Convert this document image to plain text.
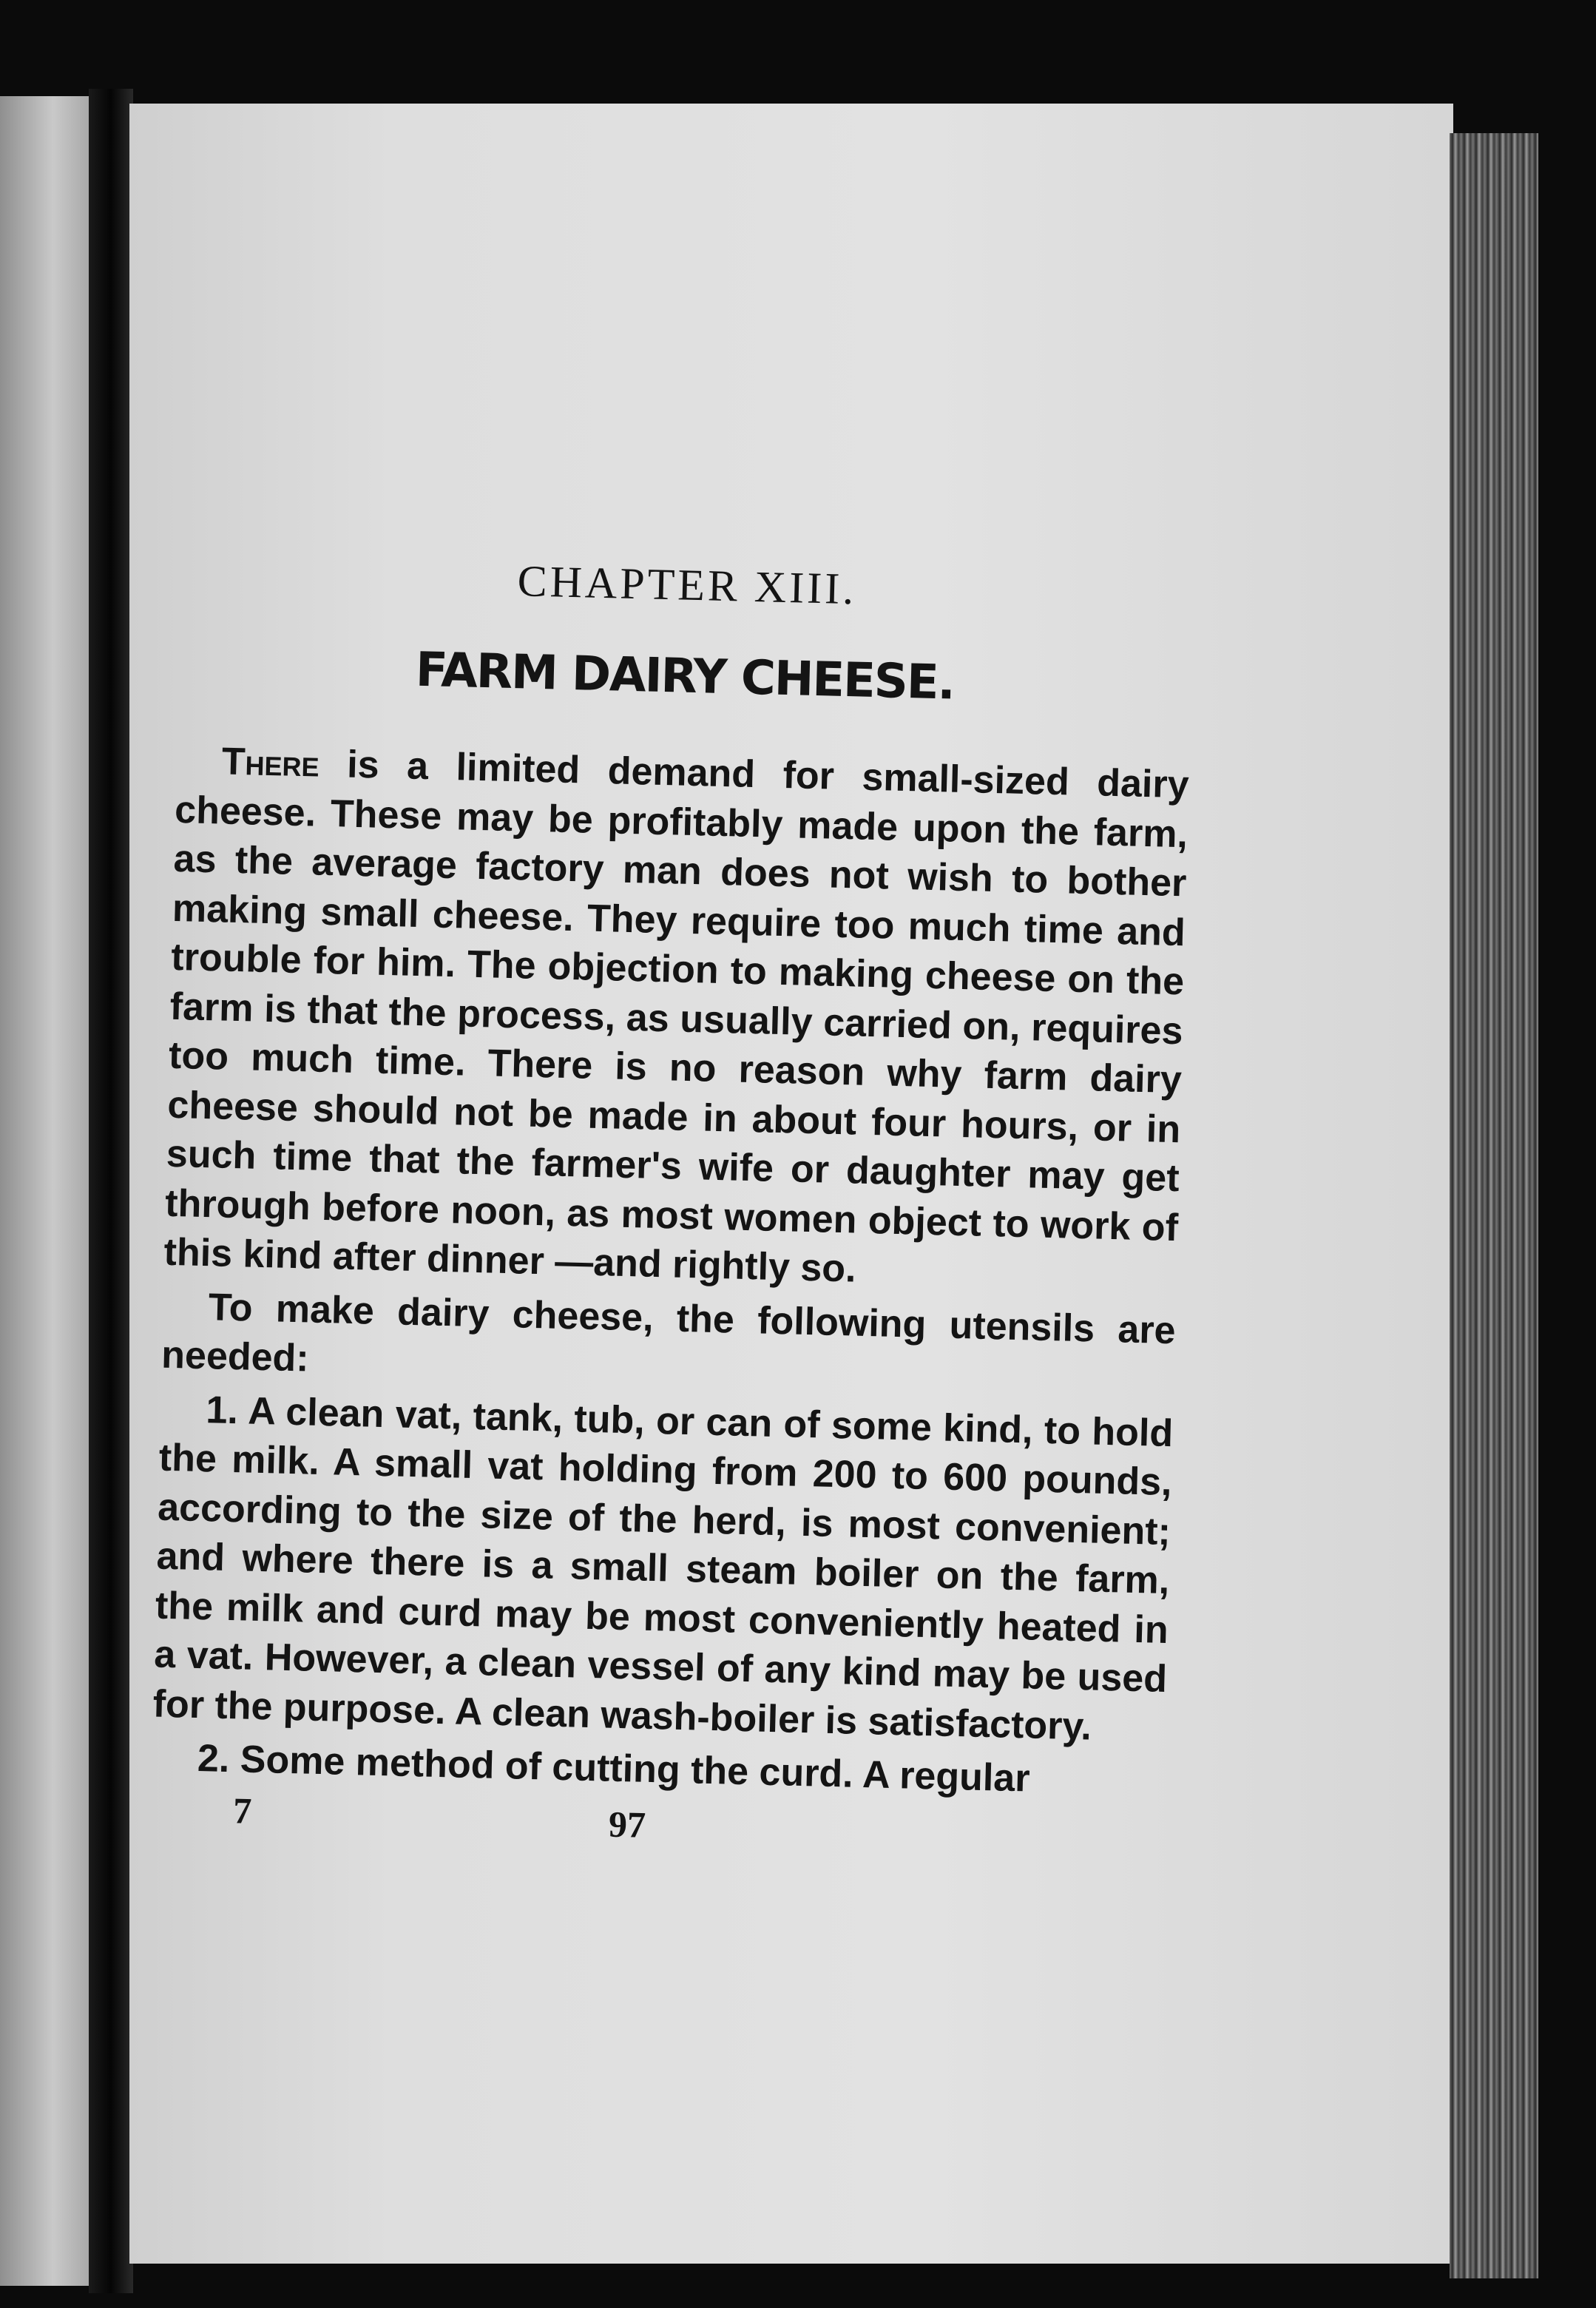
CHAPTER XIII.
FARM DAIRY CHEESE.

There is a limited demand for small-sized dairy cheese. These may be profitably made upon the farm, as the average factory man does not wish to bother making small cheese. They require too much time and trouble for him. The objection to making cheese on the farm is that the process, as usually carried on, requires too much time. There is no reason why farm dairy cheese should not be made in about four hours, or in such time that the farmer's wife or daughter may get through before noon, as most women object to work of this kind after dinner —and rightly so.

To make dairy cheese, the following utensils are needed:

1. A clean vat, tank, tub, or can of some kind, to hold the milk. A small vat holding from 200 to 600 pounds, according to the size of the herd, is most convenient; and where there is a small steam boiler on the farm, the milk and curd may be most conveniently heated in a vat. However, a clean vessel of any kind may be used for the purpose. A clean wash-boiler is satisfactory.

2. Some method of cutting the curd. A regular

7	97
